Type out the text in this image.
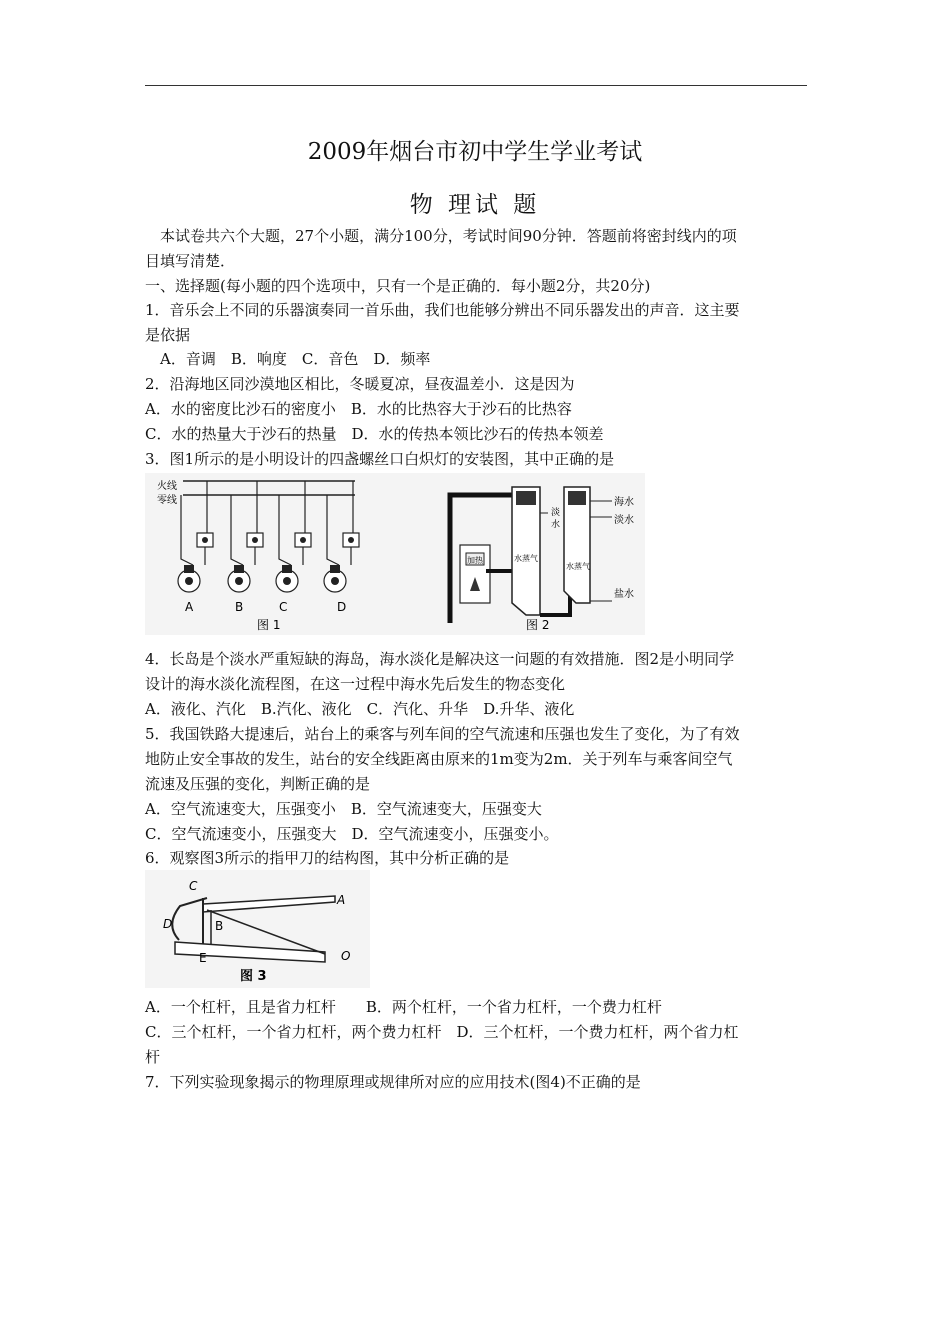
2009年烟台市初中学生学业考试
物 理试 题
本试卷共六个大题，27个小题，满分100分，考试时间90分钟．答题前将密封线内的项
目填写清楚．
一、选择题(每小题的四个选项中，只有一个是正确的．每小题2分，共20分)
1．音乐会上不同的乐器演奏同一首乐曲，我们也能够分辨出不同乐器发出的声音．这主要
是依据
A．音调　B．响度　C．音色　D．频率
2．沿海地区同沙漠地区相比，冬暖夏凉，昼夜温差小．这是因为
A．水的密度比沙石的密度小　B．水的比热容大于沙石的比热容
C．水的热量大于沙石的热量　D．水的传热本领比沙石的传热本领差
3．图1所示的是小明设计的四盏螺丝口白炽灯的安装图，其中正确的是
火线
零线
A	B	C	D
图 1
加热	水蒸气
淡
水
水蒸气
海水
淡水
盐水
图 2
4．长岛是个淡水严重短缺的海岛，海水淡化是解决这一问题的有效措施．图2是小明同学
设计的海水淡化流程图，在这一过程中海水先后发生的物态变化
A．液化、汽化　B.汽化、液化　C．汽化、升华　D.升华、液化
5．我国铁路大提速后，站台上的乘客与列车间的空气流速和压强也发生了变化，为了有效
地防止安全事故的发生，站台的安全线距离由原来的1m变为2m．关于列车与乘客间空气
流速及压强的变化，判断正确的是
A．空气流速变大，压强变小　B．空气流速变大，压强变大
C．空气流速变小，压强变大　D．空气流速变小，压强变小。
6．观察图3所示的指甲刀的结构图，其中分析正确的是
C
A
D	B
E	O
图 3
A．一个杠杆，且是省力杠杆　　B．两个杠杆，一个省力杠杆，一个费力杠杆
C．三个杠杆，一个省力杠杆，两个费力杠杆　D．三个杠杆，一个费力杠杆，两个省力杠
杆
7．下列实验现象揭示的物理原理或规律所对应的应用技术(图4)不正确的是
